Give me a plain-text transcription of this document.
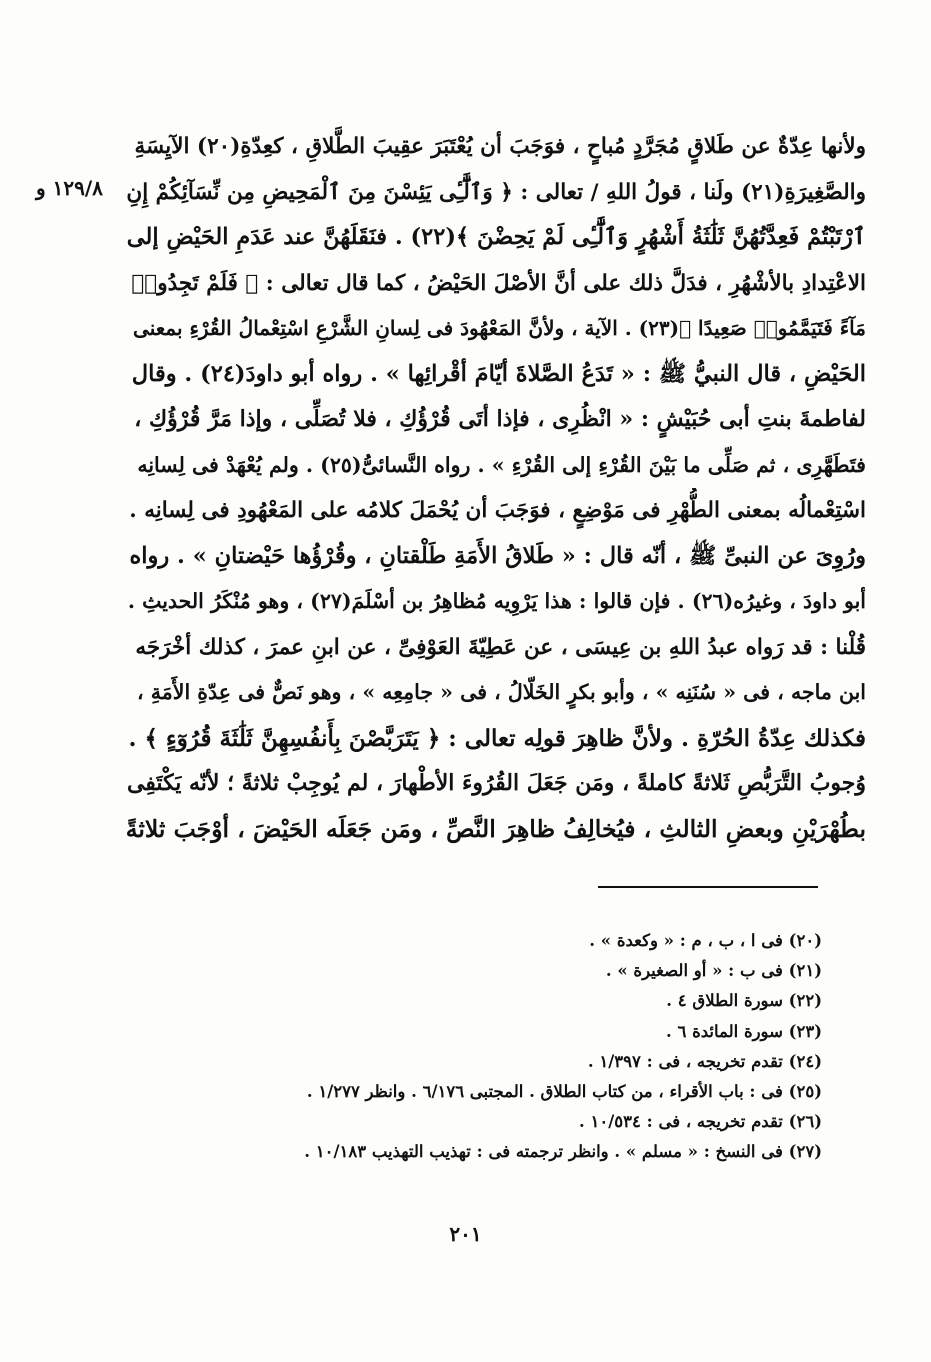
١٢٩/٨ و
ولأنها عِدّةٌ عن طَلاقٍ مُجَرَّدٍ مُباحٍ ، فوَجَبَ أن يُعْتَبَرَ عقِيبَ الطَّلاقِ ، كعِدّةِ(٢٠) الآيِسَةِ
والصَّغِيرَةِ(٢١) ولَنا ، قولُ اللهِ / تعالى : ﴿ وَٱلَّٰٓـِٔى يَئِسْنَ مِنَ ٱلْمَحِيضِ مِن نِّسَآئِكُمْ إِنِ
ٱرْتَبْتُمْ فَعِدَّتُهُنَّ ثَلَٰثَةُ أَشْهُرٍ وَٱلَّٰٓـِٔى لَمْ يَحِضْنَ ﴾(٢٢) . فنَقَلَهُنَّ عند عَدَمِ الحَيْضِ إلى
الاعْتِدادِ بالأشْهُرِ ، فدَلَّ ذلك على أنَّ الأصْلَ الحَيْضُ ، كما قال تعالى : ﴿ فَلَمْ تَجِدُوا۟
مَآءً فَتَيَمَّمُوا۟ صَعِيدًا ﴾(٢٣) . الآية ، ولأنَّ المَعْهُودَ فى لِسانِ الشَّرْعِ اسْتِعْمالُ القُرْءِ بمعنى
الحَيْضِ ، قال النبيُّ ﷺ : « تَدَعُ الصَّلاةَ أيّامَ أقْرائِها » . رواه أبو داودَ(٢٤) . وقال
لفاطمةَ بنتِ أبى حُبَيْشٍ : « انْظُرِى ، فإذا أتَى قُرْؤُكِ ، فلا تُصَلِّى ، وإذا مَرَّ قُرْؤُكِ ،
فتَطَهَّرِى ، ثم صَلِّى ما بَيْنَ القُرْءِ إلى القُرْءِ » . رواه النَّسائىُّ(٢٥) . ولم يُعْهَدْ فى لِسانِه
اسْتِعْمالُه بمعنى الطُّهْرِ فى مَوْضِعٍ ، فوَجَبَ أن يُحْمَلَ كلامُه على المَعْهُودِ فى لِسانِه .
ورُوِىَ عن النبىِّ ﷺ ، أنّه قال : « طَلاقُ الأَمَةِ طَلْقتانِ ، وقُرْؤُها حَيْضتانِ » . رواه
أبو داودَ ، وغيرُه(٢٦) . فإن قالوا : هذا يَرْوِيه مُظاهِرُ بن أسْلَمَ(٢٧) ، وهو مُنْكَرُ الحديثِ .
قُلْنا : قد رَواه عبدُ اللهِ بن عِيسَى ، عن عَطِيّةَ العَوْفِىِّ ، عن ابنِ عمرَ ، كذلك أخْرَجَه
ابن ماجه ، فى « سُنَنِه » ، وأبو بكرٍ الخَلّالُ ، فى « جامِعِه » ، وهو نَصٌّ فى عِدّةِ الأَمَةِ ،
فكذلك عِدّةُ الحُرّةِ . ولأنَّ ظاهِرَ قولِه تعالى : ﴿ يَتَرَبَّصْنَ بِأَنفُسِهِنَّ ثَلَٰثَةَ قُرُوٓءٍ ﴾ .
وُجوبُ التَّرَبُّصِ ثَلاثةً كاملةً ، ومَن جَعَلَ القُرُوءَ الأطْهارَ ، لم يُوجِبْ ثلاثةً ؛ لأنّه يَكْتَفِى
بطُهْرَيْنِ وبعضِ الثالثِ ، فيُخالِفُ ظاهِرَ النَّصِّ ، ومَن جَعَلَه الحَيْضَ ، أوْجَبَ ثلاثةً
(٢٠) فى ا ، ب ، م : « وكعدة » .
(٢١) فى ب : « أو الصغيرة » .
(٢٢) سورة الطلاق ٤ .
(٢٣) سورة المائدة ٦ .
(٢٤) تقدم تخريجه ، فى : ١/٣٩٧ .
(٢٥) فى : باب الأقراء ، من كتاب الطلاق . المجتبى ٦/١٧٦ . وانظر ١/٢٧٧ .
(٢٦) تقدم تخريجه ، فى : ١٠/٥٣٤ .
(٢٧) فى النسخ : « مسلم » . وانظر ترجمته فى : تهذيب التهذيب ١٠/١٨٣ .
٢٠١
